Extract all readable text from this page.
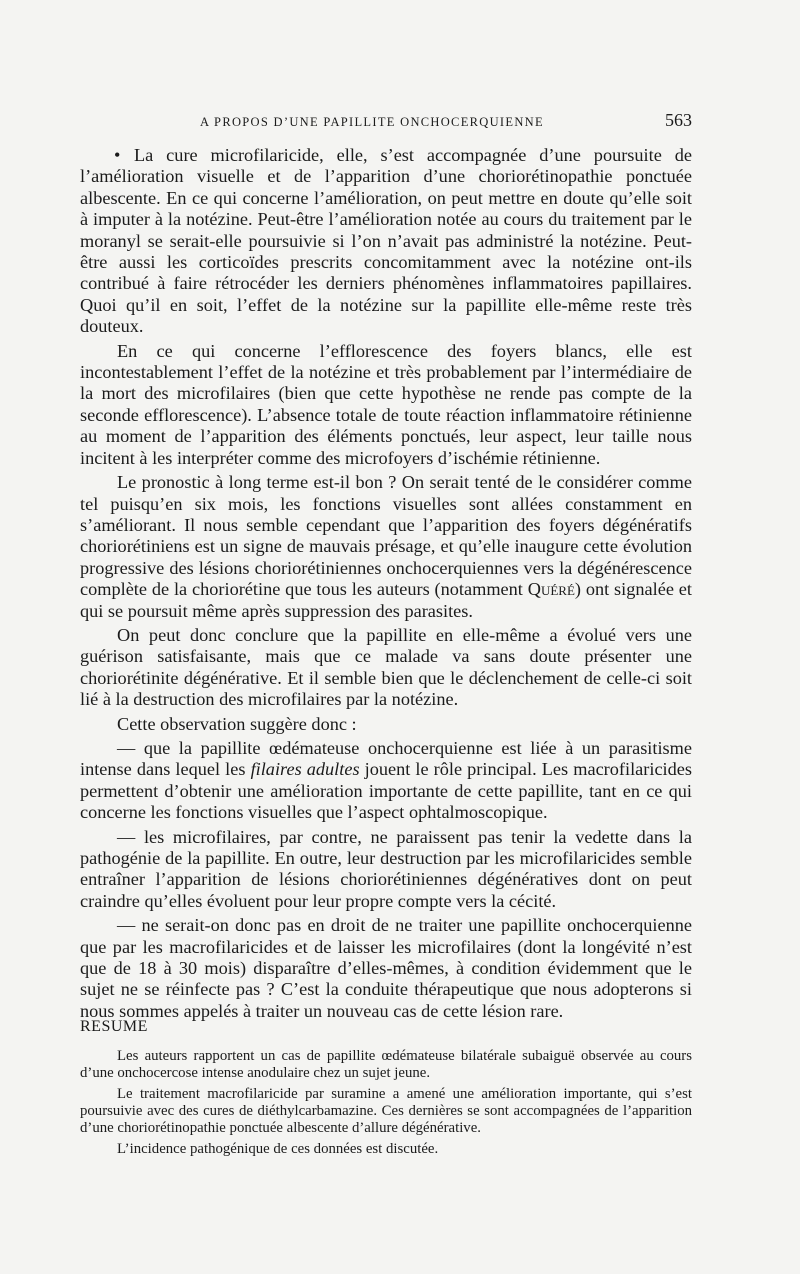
A PROPOS D’UNE PAPILLITE ONCHOCERQUIENNE	563

• La cure microfilaricide, elle, s’est accompagnée d’une poursuite de l’amélioration visuelle et de l’apparition d’une choriorétinopathie ponctuée albescente. En ce qui concerne l’amélioration, on peut mettre en doute qu’elle soit à imputer à la notézine. Peut-être l’amélioration notée au cours du traitement par le moranyl se serait-elle poursuivie si l’on n’avait pas administré la notézine. Peut-être aussi les corticoïdes prescrits concomitamment avec la notézine ont-ils contribué à faire rétrocéder les derniers phénomènes inflammatoires papillaires. Quoi qu’il en soit, l’effet de la notézine sur la papillite elle-même reste très douteux.

En ce qui concerne l’efflorescence des foyers blancs, elle est incontestablement l’effet de la notézine et très probablement par l’intermédiaire de la mort des microfilaires (bien que cette hypothèse ne rende pas compte de la seconde efflorescence). L’absence totale de toute réaction inflammatoire rétinienne au moment de l’apparition des éléments ponctués, leur aspect, leur taille nous incitent à les interpréter comme des microfoyers d’ischémie rétinienne.

Le pronostic à long terme est-il bon ? On serait tenté de le considérer comme tel puisqu’en six mois, les fonctions visuelles sont allées constamment en s’améliorant. Il nous semble cependant que l’apparition des foyers dégénératifs choriorétiniens est un signe de mauvais présage, et qu’elle inaugure cette évolution progressive des lésions choriorétiniennes onchocerquiennes vers la dégénérescence complète de la choriorétine que tous les auteurs (notamment Quéré) ont signalée et qui se poursuit même après suppression des parasites.

On peut donc conclure que la papillite en elle-même a évolué vers une guérison satisfaisante, mais que ce malade va sans doute présenter une choriorétinite dégénérative. Et il semble bien que le déclenchement de celle-ci soit lié à la destruction des microfilaires par la notézine.

Cette observation suggère donc :

— que la papillite œdémateuse onchocerquienne est liée à un parasitisme intense dans lequel les filaires adultes jouent le rôle principal. Les macrofilaricides permettent d’obtenir une amélioration importante de cette papillite, tant en ce qui concerne les fonctions visuelles que l’aspect ophtalmoscopique.

— les microfilaires, par contre, ne paraissent pas tenir la vedette dans la pathogénie de la papillite. En outre, leur destruction par les microfilaricides semble entraîner l’apparition de lésions choriorétiniennes dégénératives dont on peut craindre qu’elles évoluent pour leur propre compte vers la cécité.

— ne serait-on donc pas en droit de ne traiter une papillite onchocerquienne que par les macrofilaricides et de laisser les microfilaires (dont la longévité n’est que de 18 à 30 mois) disparaître d’elles-mêmes, à condition évidemment que le sujet ne se réinfecte pas ? C’est la conduite thérapeutique que nous adopterons si nous sommes appelés à traiter un nouveau cas de cette lésion rare.

RESUME

Les auteurs rapportent un cas de papillite œdémateuse bilatérale subaiguë observée au cours d’une onchocercose intense anodulaire chez un sujet jeune.

Le traitement macrofilaricide par suramine a amené une amélioration importante, qui s’est poursuivie avec des cures de diéthylcarbamazine. Ces dernières se sont accompagnées de l’apparition d’une choriorétinopathie ponctuée albescente d’allure dégénérative.

L’incidence pathogénique de ces données est discutée.
